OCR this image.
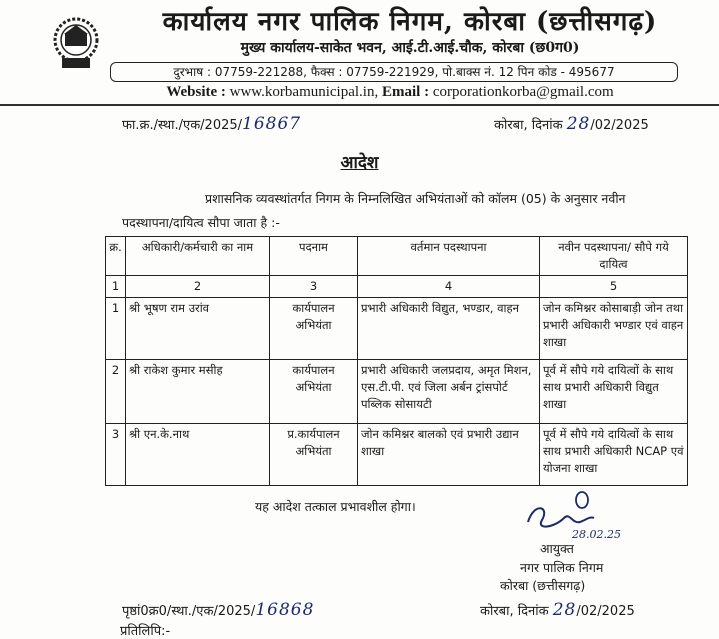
कार्यालय नगर पालिक निगम, कोरबा (छत्तीसगढ़)
मुख्य कार्यालय-साकेत भवन, आई.टी.आई.चौक, कोरबा (छ0ग0)
दुरभाष : 07759-221288, फैक्स : 07759-221929, पो.बाक्स नं. 12 पिन कोड - 495677
Website : www.korbamunicipal.in, Email : corporationkorba@gmail.com
फा.क्र./स्था./एक/2025/16867	कोरबा, दिनांक 28/02/2025
आदेश
प्रशासनिक व्यवस्थांतर्गत निगम के निम्नलिखित अभियंताओं को कॉलम (05) के अनुसार नवीन
पदस्थापना/दायित्व सौपा जाता है :-
क्र.	अधिकारी/कर्मचारी का नाम	पदनाम	वर्तमान पदस्थापना	नवीन पदस्थापना/ सौपे गये दायित्व
1	2	3	4	5
1	श्री भूषण राम उरांव	कार्यपालन अभियंता	प्रभारी अधिकारी विद्युत, भण्डार, वाहन	जोन कमिश्नर कोसाबाड़ी जोन तथा प्रभारी अधिकारी भण्डार एवं वाहन शाखा
2	श्री राकेश कुमार मसीह	कार्यपालन अभियंता	प्रभारी अधिकारी जलप्रदाय, अमृत मिशन, एस.टी.पी. एवं जिला अर्बन ट्रांसपोर्ट पब्लिक सोसायटी	पूर्व में सौपे गये दायित्वों के साथ साथ प्रभारी अधिकारी विद्युत शाखा
3	श्री एन.के.नाथ	प्र.कार्यपालन अभियंता	जोन कमिश्नर बालको एवं प्रभारी उद्यान शाखा	पूर्व में सौपे गये दायित्वों के साथ साथ प्रभारी अधिकारी NCAP एवं योजना शाखा
यह आदेश तत्काल प्रभावशील होगा।
28.02.25
आयुक्त
नगर पालिक निगम
कोरबा (छत्तीसगढ़)
पृष्ठां0क्र0/स्था./एक/2025/16868	कोरबा, दिनांक 28/02/2025
प्रतिलिपि:-
